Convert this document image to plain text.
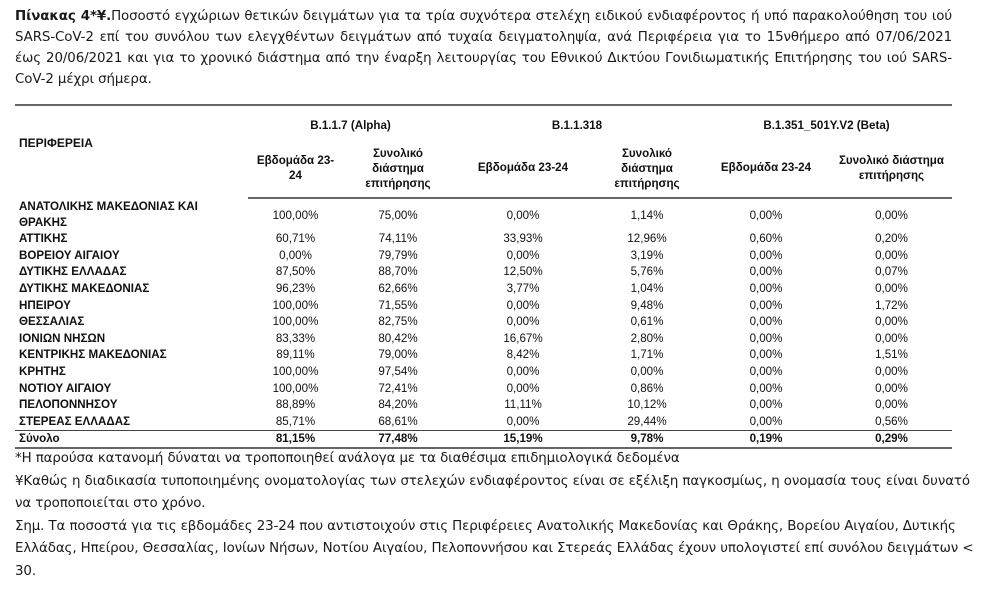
Πίνακας 4*¥.Ποσοστό εγχώριων θετικών δειγμάτων για τα τρία συχνότερα στελέχη ειδικού ενδιαφέροντος ή υπό παρακολούθηση του ιού SARS-CoV-2 επί του συνόλου των ελεγχθέντων δειγμάτων από τυχαία δειγματοληψία, ανά Περιφέρεια για το 15νθήμερο από 07/06/2021 έως 20/06/2021 και για το χρονικό διάστημα από την έναρξη λειτουργίας του Εθνικού Δικτύου Γονιδιωματικής Επιτήρησης του ιού SARS-CoV-2 μέχρι σήμερα.
ΠΕΡΙΦΕΡΕΙΑ	B.1.1.7 (Alpha)		B.1.1.318		B.1.351_501Y.V2 (Beta)	
	Εβδομάδα 23-24	Συνολικό διάστημα επιτήρησης	Εβδομάδα 23-24	Συνολικό διάστημα επιτήρησης	Εβδομάδα 23-24	Συνολικό διάστημα επιτήρησης
ΑΝΑΤΟΛΙΚΗΣ ΜΑΚΕΔΟΝΙΑΣ ΚΑΙ ΘΡΑΚΗΣ	100,00%	75,00%	0,00%	1,14%	0,00%	0,00%
ΑΤΤΙΚΗΣ	60,71%	74,11%	33,93%	12,96%	0,60%	0,20%
ΒΟΡΕΙΟΥ ΑΙΓΑΙΟΥ	0,00%	79,79%	0,00%	3,19%	0,00%	0,00%
ΔΥΤΙΚΗΣ ΕΛΛΑΔΑΣ	87,50%	88,70%	12,50%	5,76%	0,00%	0,07%
ΔΥΤΙΚΗΣ ΜΑΚΕΔΟΝΙΑΣ	96,23%	62,66%	3,77%	1,04%	0,00%	0,00%
ΗΠΕΙΡΟΥ	100,00%	71,55%	0,00%	9,48%	0,00%	1,72%
ΘΕΣΣΑΛΙΑΣ	100,00%	82,75%	0,00%	0,61%	0,00%	0,00%
ΙΟΝΙΩΝ ΝΗΣΩΝ	83,33%	80,42%	16,67%	2,80%	0,00%	0,00%
ΚΕΝΤΡΙΚΗΣ ΜΑΚΕΔΟΝΙΑΣ	89,11%	79,00%	8,42%	1,71%	0,00%	1,51%
ΚΡΗΤΗΣ	100,00%	97,54%	0,00%	0,00%	0,00%	0,00%
ΝΟΤΙΟΥ ΑΙΓΑΙΟΥ	100,00%	72,41%	0,00%	0,86%	0,00%	0,00%
ΠΕΛΟΠΟΝΝΗΣΟΥ	88,89%	84,20%	11,11%	10,12%	0,00%	0,00%
ΣΤΕΡΕΑΣ ΕΛΛΑΔΑΣ	85,71%	68,61%	0,00%	29,44%	0,00%	0,56%
Σύνολο	81,15%	77,48%	15,19%	9,78%	0,19%	0,29%

*Η παρούσα κατανομή δύναται να τροποποιηθεί ανάλογα με τα διαθέσιμα επιδημιολογικά δεδομένα

¥Καθώς η διαδικασία τυποποιημένης ονοματολογίας των στελεχών ενδιαφέροντος είναι σε εξέλιξη παγκοσμίως, η ονομασία τους είναι δυνατό να τροποποιείται στο χρόνο.

Σημ. Τα ποσοστά για τις εβδομάδες 23-24 που αντιστοιχούν στις Περιφέρειες Ανατολικής Μακεδονίας και Θράκης, Βορείου Αιγαίου, Δυτικής Ελλάδας, Ηπείρου, Θεσσαλίας, Ιονίων Νήσων, Νοτίου Αιγαίου, Πελοποννήσου και Στερεάς Ελλάδας έχουν υπολογιστεί επί συνόλου δειγμάτων < 30.
